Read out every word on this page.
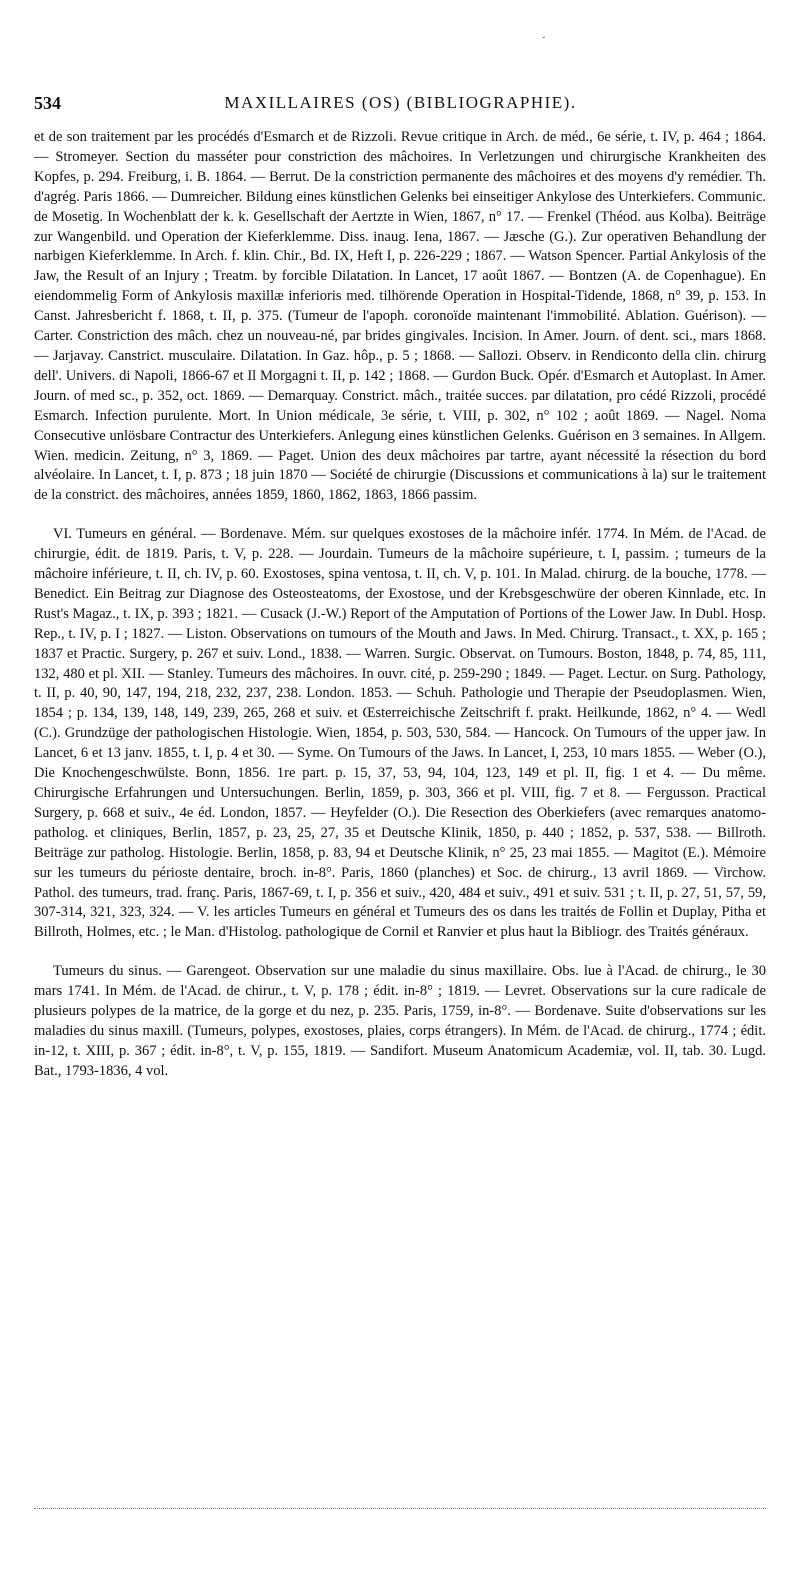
ˇ
534	MAXILLAIRES (OS) (BIBLIOGRAPHIE).

et de son traitement par les procédés d'Esmarch et de Rizzoli. Revue critique in Arch. de méd., 6e série, t. IV, p. 464 ; 1864. — Stromeyer. Section du masséter pour constriction des mâchoires. In Verletzungen und chirurgische Krankheiten des Kopfes, p. 294. Freiburg, i. B. 1864. — Berrut. De la constriction permanente des mâchoires et des moyens d'y remédier. Th. d'agrég. Paris 1866. — Dumreicher. Bildung eines künstlichen Gelenks bei einseitiger Ankylose des Unterkiefers. Communic. de Mosetig. In Wochenblatt der k. k. Gesellschaft der Aertzte in Wien, 1867, n° 17. — Frenkel (Théod. aus Kolba). Beiträge zur Wangenbild. und Operation der Kieferklemme. Diss. inaug. Iena, 1867. — Jæsche (G.). Zur operativen Behandlung der narbigen Kieferklemme. In Arch. f. klin. Chir., Bd. IX, Heft I, p. 226-229 ; 1867. — Watson Spencer. Partial Ankylosis of the Jaw, the Result of an Injury ; Treatm. by forcible Dilatation. In Lancet, 17 août 1867. — Bontzen (A. de Copenhague). En eiendommelig Form of Ankylosis maxillæ inferioris med. tilhörende Operation in Hospital-Tidende, 1868, n° 39, p. 153. In Canst. Jahresbericht f. 1868, t. II, p. 375. (Tumeur de l'apoph. coronoïde maintenant l'immobilité. Ablation. Guérison). — Carter. Constriction des mâch. chez un nouveau-né, par brides gingivales. Incision. In Amer. Journ. of dent. sci., mars 1868. — Jarjavay. Canstrict. musculaire. Dilatation. In Gaz. hôp., p. 5 ; 1868. — Sallozi. Observ. in Rendiconto della clin. chirurg dell'. Univers. di Napoli, 1866-67 et Il Morgagni t. II, p. 142 ; 1868. — Gurdon Buck. Opér. d'Esmarch et Autoplast. In Amer. Journ. of med sc., p. 352, oct. 1869. — Demarquay. Constrict. mâch., traitée succes. par dilatation, pro cédé Rizzoli, procédé Esmarch. Infection purulente. Mort. In Union médicale, 3e série, t. VIII, p. 302, n° 102 ; août 1869. — Nagel. Noma Consecutive unlösbare Contractur des Unterkiefers. Anlegung eines künstlichen Gelenks. Guérison en 3 semaines. In Allgem. Wien. medicin. Zeitung, n° 3, 1869. — Paget. Union des deux mâchoires par tartre, ayant nécessité la résection du bord alvéolaire. In Lancet, t. I, p. 873 ; 18 juin 1870 — Société de chirurgie (Discussions et communications à la) sur le traitement de la constrict. des mâchoires, années 1859, 1860, 1862, 1863, 1866 passim.

VI. Tumeurs en général. — Bordenave. Mém. sur quelques exostoses de la mâchoire infér. 1774. In Mém. de l'Acad. de chirurgie, édit. de 1819. Paris, t. V, p. 228. — Jourdain. Tumeurs de la mâchoire supérieure, t. I, passim. ; tumeurs de la mâchoire inférieure, t. II, ch. IV, p. 60. Exostoses, spina ventosa, t. II, ch. V, p. 101. In Malad. chirurg. de la bouche, 1778. — Benedict. Ein Beitrag zur Diagnose des Osteosteatoms, der Exostose, und der Krebsgeschwüre der oberen Kinnlade, etc. In Rust's Magaz., t. IX, p. 393 ; 1821. — Cusack (J.-W.) Report of the Amputation of Portions of the Lower Jaw. In Dubl. Hosp. Rep., t. IV, p. I ; 1827. — Liston. Observations on tumours of the Mouth and Jaws. In Med. Chirurg. Transact., t. XX, p. 165 ; 1837 et Practic. Surgery, p. 267 et suiv. Lond., 1838. — Warren. Surgic. Observat. on Tumours. Boston, 1848, p. 74, 85, 111, 132, 480 et pl. XII. — Stanley. Tumeurs des mâchoires. In ouvr. cité, p. 259-290 ; 1849. — Paget. Lectur. on Surg. Pathology, t. II, p. 40, 90, 147, 194, 218, 232, 237, 238. London. 1853. — Schuh. Pathologie und Therapie der Pseudoplasmen. Wien, 1854 ; p. 134, 139, 148, 149, 239, 265, 268 et suiv. et Œsterreichische Zeitschrift f. prakt. Heilkunde, 1862, n° 4. — Wedl (C.). Grundzüge der pathologischen Histologie. Wien, 1854, p. 503, 530, 584. — Hancock. On Tumours of the upper jaw. In Lancet, 6 et 13 janv. 1855, t. I, p. 4 et 30. — Syme. On Tumours of the Jaws. In Lancet, I, 253, 10 mars 1855. — Weber (O.), Die Knochengeschwülste. Bonn, 1856. 1re part. p. 15, 37, 53, 94, 104, 123, 149 et pl. II, fig. 1 et 4. — Du même. Chirurgische Erfahrungen und Untersuchungen. Berlin, 1859, p. 303, 366 et pl. VIII, fig. 7 et 8. — Fergusson. Practical Surgery, p. 668 et suiv., 4e éd. London, 1857. — Heyfelder (O.). Die Resection des Oberkiefers (avec remarques anatomo-patholog. et cliniques, Berlin, 1857, p. 23, 25, 27, 35 et Deutsche Klinik, 1850, p. 440 ; 1852, p. 537, 538. — Billroth. Beiträge zur patholog. Histologie. Berlin, 1858, p. 83, 94 et Deutsche Klinik, n° 25, 23 mai 1855. — Magitot (E.). Mémoire sur les tumeurs du périoste dentaire, broch. in-8°. Paris, 1860 (planches) et Soc. de chirurg., 13 avril 1869. — Virchow. Pathol. des tumeurs, trad. franç. Paris, 1867-69, t. I, p. 356 et suiv., 420, 484 et suiv., 491 et suiv. 531 ; t. II, p. 27, 51, 57, 59, 307-314, 321, 323, 324. — V. les articles Tumeurs en général et Tumeurs des os dans les traités de Follin et Duplay, Pitha et Billroth, Holmes, etc. ; le Man. d'Histolog. pathologique de Cornil et Ranvier et plus haut la Bibliogr. des Traités généraux.

Tumeurs du sinus. — Garengeot. Observation sur une maladie du sinus maxillaire. Obs. lue à l'Acad. de chirurg., le 30 mars 1741. In Mém. de l'Acad. de chirur., t. V, p. 178 ; édit. in-8° ; 1819. — Levret. Observations sur la cure radicale de plusieurs polypes de la matrice, de la gorge et du nez, p. 235. Paris, 1759, in-8°. — Bordenave. Suite d'observations sur les maladies du sinus maxill. (Tumeurs, polypes, exostoses, plaies, corps étrangers). In Mém. de l'Acad. de chirurg., 1774 ; édit. in-12, t. XIII, p. 367 ; édit. in-8°, t. V, p. 155, 1819. — Sandifort. Museum Anatomicum Academiæ, vol. II, tab. 30. Lugd. Bat., 1793-1836, 4 vol.
